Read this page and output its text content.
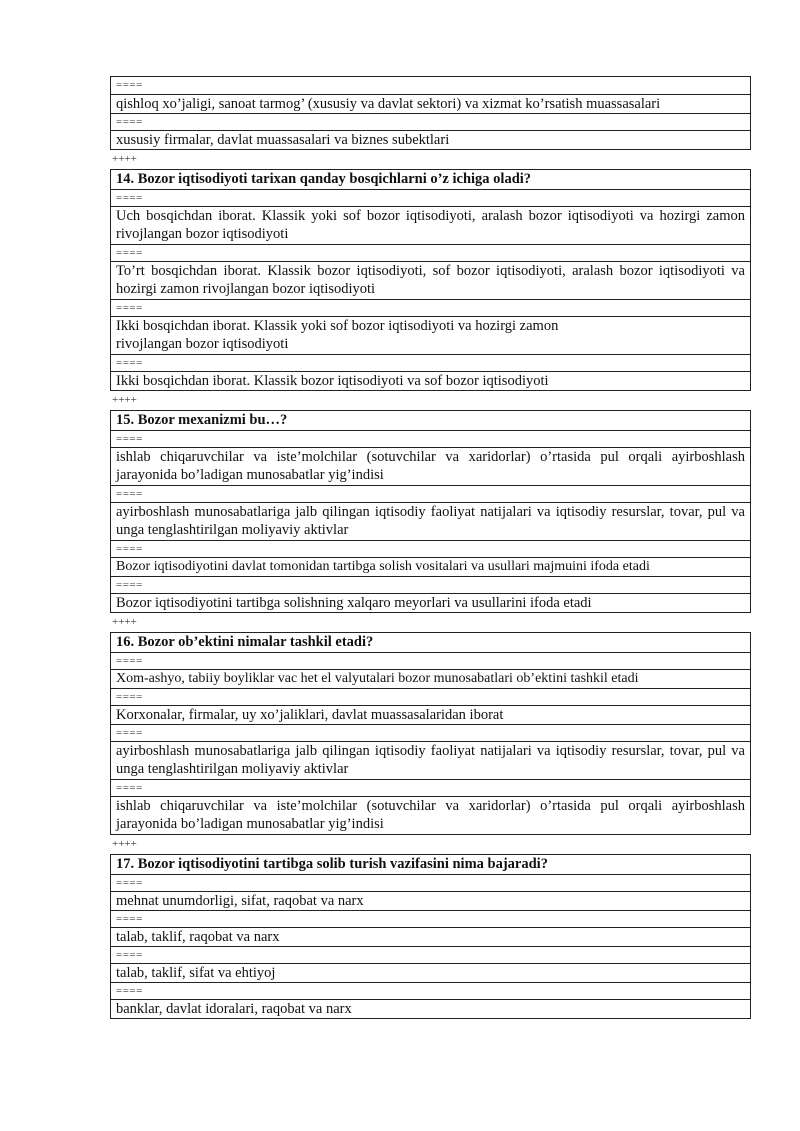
====
qishloq xo’jaligi, sanoat tarmog’ (xususiy va davlat sektori) va xizmat ko’rsatish muassasalari
====
xususiy firmalar, davlat muassasalari va biznes subektlari
++++
14. Bozor iqtisodiyoti tarixan qanday bosqichlarni o’z ichiga oladi?
====
Uch bosqichdan iborat. Klassik yoki sof bozor iqtisodiyoti, aralash bozor iqtisodiyoti va hozirgi zamon rivojlangan bozor iqtisodiyoti
====
To’rt bosqichdan iborat. Klassik bozor iqtisodiyoti, sof bozor iqtisodiyoti, aralash bozor iqtisodiyoti va hozirgi zamon rivojlangan bozor iqtisodiyoti
====
Ikki bosqichdan iborat. Klassik yoki sof bozor iqtisodiyoti va hozirgi zamon rivojlangan bozor iqtisodiyoti
====
Ikki bosqichdan iborat. Klassik bozor iqtisodiyoti va sof bozor iqtisodiyoti
++++
15. Bozor mexanizmi bu…?
====
ishlab chiqaruvchilar va iste’molchilar (sotuvchilar va xaridorlar) o’rtasida pul orqali ayirboshlash jarayonida bo’ladigan munosabatlar yig’indisi
====
ayirboshlash munosabatlariga jalb qilingan iqtisodiy faoliyat natijalari va iqtisodiy resurslar, tovar, pul va unga tenglashtirilgan moliyaviy aktivlar
====
Bozor iqtisodiyotini davlat tomonidan tartibga solish vositalari va usullari majmuini ifoda etadi
====
Bozor iqtisodiyotini tartibga solishning xalqaro meyorlari va usullarini ifoda etadi
++++
16. Bozor ob’ektini nimalar tashkil etadi?
====
Xom-ashyo, tabiiy boyliklar vac het el valyutalari bozor munosabatlari ob’ektini tashkil etadi
====
Korxonalar, firmalar, uy xo’jaliklari, davlat muassasalaridan iborat
====
ayirboshlash munosabatlariga jalb qilingan iqtisodiy faoliyat natijalari va iqtisodiy resurslar, tovar, pul va unga tenglashtirilgan moliyaviy aktivlar
====
ishlab chiqaruvchilar va iste’molchilar (sotuvchilar va xaridorlar) o’rtasida pul orqali ayirboshlash jarayonida bo’ladigan munosabatlar yig’indisi
++++
17. Bozor iqtisodiyotini tartibga solib turish vazifasini nima bajaradi?
====
mehnat unumdorligi, sifat, raqobat va narx
====
talab, taklif, raqobat va narx
====
talab, taklif, sifat va ehtiyoj
====
banklar, davlat idoralari, raqobat va narx
